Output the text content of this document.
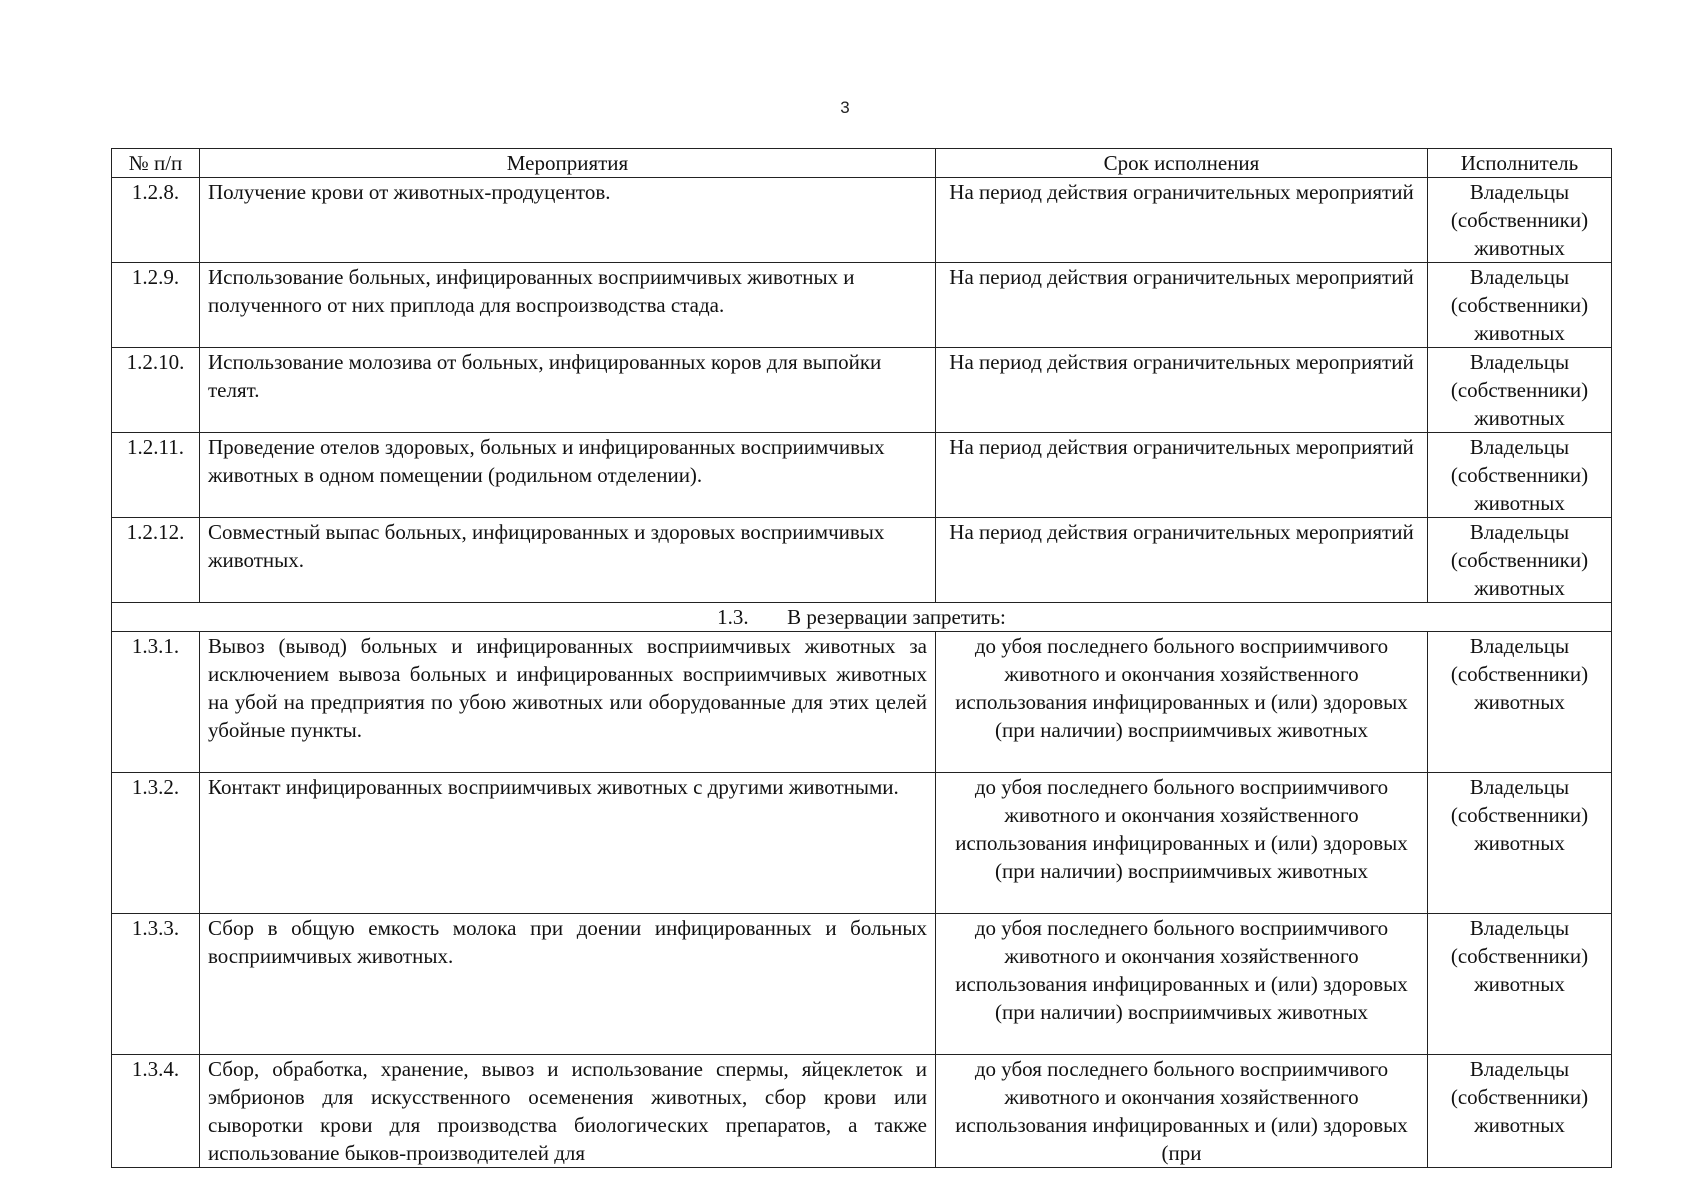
3
№ п/п	Мероприятия	Срок исполнения	Исполнитель
1.2.8.	Получение крови от животных-продуцентов.	На период действия ограничительных мероприятий	Владельцы (собственники) животных
1.2.9.	Использование больных, инфицированных восприимчивых животных и полученного от них приплода для воспроизводства стада.	На период действия ограничительных мероприятий	Владельцы (собственники) животных
1.2.10.	Использование молозива от больных, инфицированных коров для выпойки телят.	На период действия ограничительных мероприятий	Владельцы (собственники) животных
1.2.11.	Проведение отелов здоровых, больных и инфицированных восприимчивых животных в одном помещении (родильном отделении).	На период действия ограничительных мероприятий	Владельцы (собственники) животных
1.2.12.	Совместный выпас больных, инфицированных и здоровых восприимчивых животных.	На период действия ограничительных мероприятий	Владельцы (собственники) животных
1.3. В резервации запретить:			
1.3.1.	Вывоз (вывод) больных и инфицированных восприимчивых животных за исключением вывоза больных и инфицированных восприимчивых животных на убой на предприятия по убою животных или оборудованные для этих целей убойные пункты.	до убоя последнего больного восприимчивого животного и окончания хозяйственного использования инфицированных и (или) здоровых (при наличии) восприимчивых животных	Владельцы (собственники) животных
1.3.2.	Контакт инфицированных восприимчивых животных с другими животными.	до убоя последнего больного восприимчивого животного и окончания хозяйственного использования инфицированных и (или) здоровых (при наличии) восприимчивых животных	Владельцы (собственники) животных
1.3.3.	Сбор в общую емкость молока при доении инфицированных и больных восприимчивых животных.	до убоя последнего больного восприимчивого животного и окончания хозяйственного использования инфицированных и (или) здоровых (при наличии) восприимчивых животных	Владельцы (собственники) животных
1.3.4.	Сбор, обработка, хранение, вывоз и использование спермы, яйцеклеток и эмбрионов для искусственного осеменения животных, сбор крови или сыворотки крови для производства биологических препаратов, а также использование быков-производителей для	до убоя последнего больного восприимчивого животного и окончания хозяйственного использования инфицированных и (или) здоровых (при	Владельцы (собственники) животных
